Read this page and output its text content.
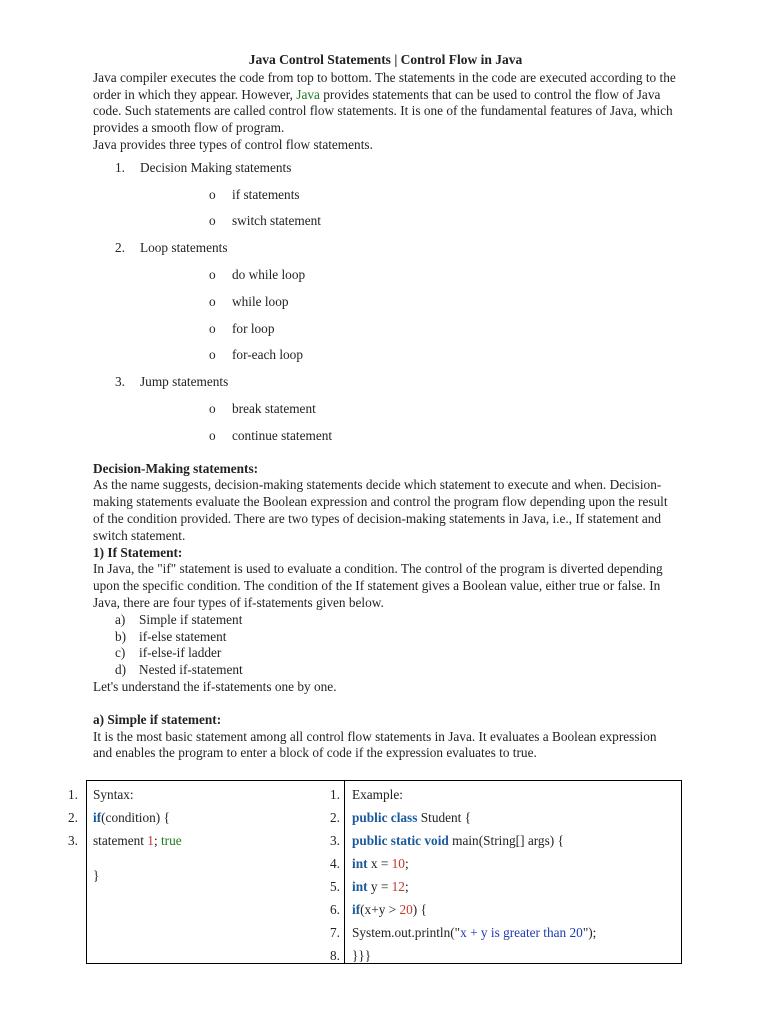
Java Control Statements | Control Flow in Java

Java compiler executes the code from top to bottom. The statements in the code are executed according to the order in which they appear. However, Java provides statements that can be used to control the flow of Java code. Such statements are called control flow statements. It is one of the fundamental features of Java, which provides a smooth flow of program.

Java provides three types of control flow statements.

1. Decision Making statements
o if statements
o switch statement
2. Loop statements
o do while loop
o while loop
o for loop
o for-each loop
3. Jump statements
o break statement
o continue statement
Decision-Making statements:

As the name suggests, decision-making statements decide which statement to execute and when. Decision-making statements evaluate the Boolean expression and control the program flow depending upon the result of the condition provided. There are two types of decision-making statements in Java, i.e., If statement and switch statement.

1) If Statement:

In Java, the "if" statement is used to evaluate a condition. The control of the program is diverted depending upon the specific condition. The condition of the If statement gives a Boolean value, either true or false. In Java, there are four types of if-statements given below.

a) Simple if statement
b) if-else statement
c) if-else-if ladder
d) Nested if-statement

Let's understand the if-statements one by one.

a) Simple if statement:

It is the most basic statement among all control flow statements in Java. It evaluates a Boolean expression and enables the program to enter a block of code if the expression evaluates to true.

1.
2.
3.
Syntax:
if(condition) {
statement 1; true
}
1.
2.
3.
4.
5.
6.
7.
8.
Example:
public class Student {
public static void main(String[] args) {
int x = 10;
int y = 12;
if(x+y > 20) {
System.out.println("x + y is greater than 20");
}}}
